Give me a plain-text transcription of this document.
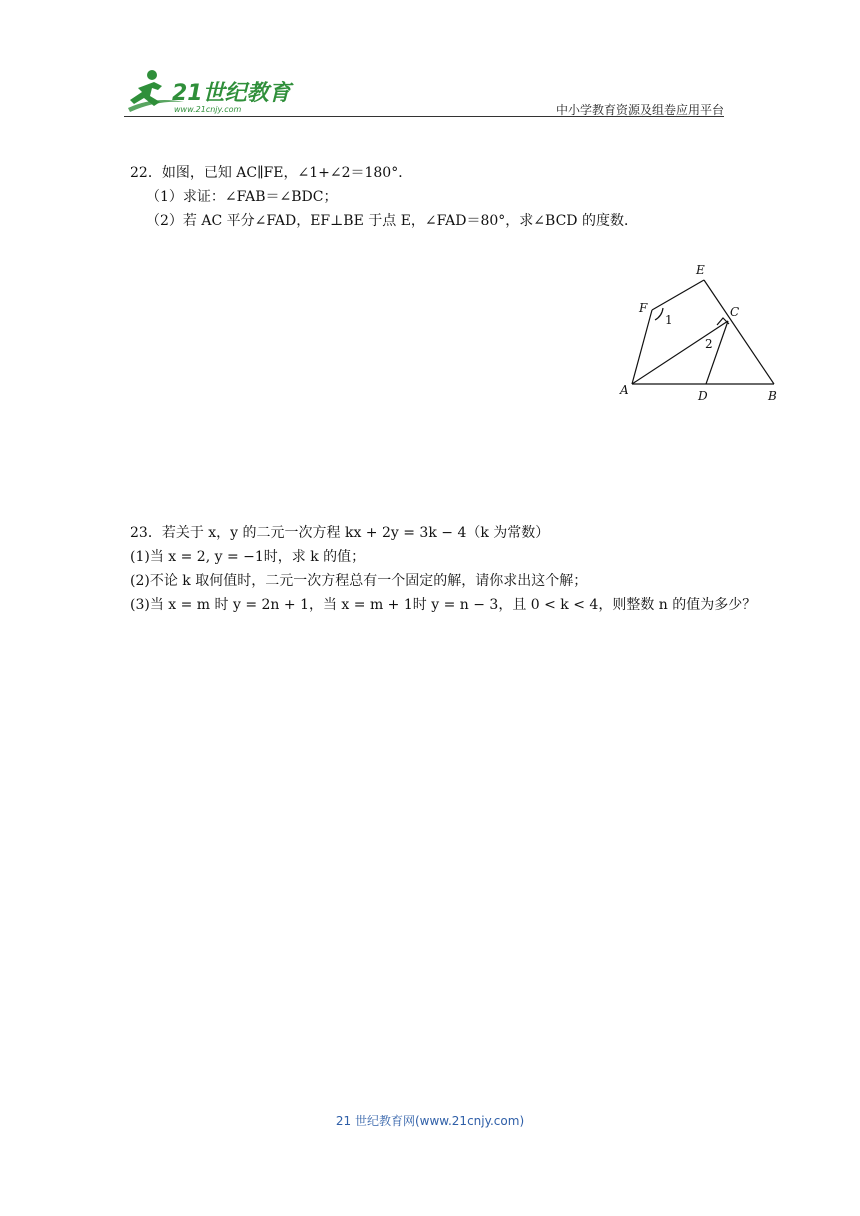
21世纪教育
www.21cnjy.com	中小学教育资源及组卷应用平台
22．如图，已知 AC∥FE，∠1+∠2＝180°．
（1）求证：∠FAB＝∠BDC；
（2）若 AC 平分∠FAD，EF⊥BE 于点 E，∠FAD＝80°，求∠BCD 的度数．
E
F	C
A	D	B
1
2
23．若关于 x，y 的二元一次方程 kx + 2y = 3k − 4（k 为常数）
(1)当 x = 2, y = −1时，求 k 的值；
(2)不论 k 取何值时，二元一次方程总有一个固定的解，请你求出这个解；
(3)当 x = m 时 y = 2n + 1，当 x = m + 1时 y = n − 3，且 0 < k < 4，则整数 n 的值为多少？
21 世纪教育网(www.21cnjy.com)
